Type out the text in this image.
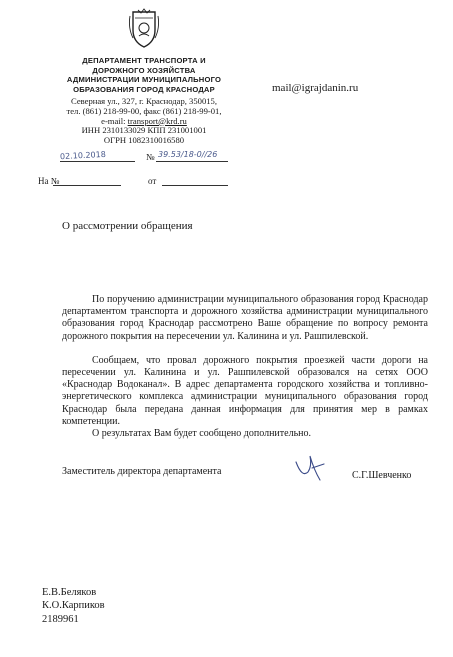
ДЕПАРТАМЕНТ ТРАНСПОРТА И
ДОРОЖНОГО ХОЗЯЙСТВА
АДМИНИСТРАЦИИ МУНИЦИПАЛЬНОГО
ОБРАЗОВАНИЯ ГОРОД КРАСНОДАР
Северная ул., 327, г. Краснодар, 350015,
тел. (861) 218-99-00, факс (861) 218-99-01,
e-mail: transport@krd.ru
ИНН 2310133029 КПП 231001001
ОГРН 1082310016580
02.10.2018	№ 39.53/18-0//26
На №	от
mail@igrajdanin.ru
О рассмотрении обращения

По поручению администрации муниципального образования город Краснодар департаментом транспорта и дорожного хозяйства администрации муниципального образования город Краснодар рассмотрено Ваше обращение по вопросу ремонта дорожного покрытия на пересечении ул. Калинина и ул. Рашпилевской.

Сообщаем, что провал дорожного покрытия проезжей части дороги на пересечении ул. Калинина и ул. Рашпилевской образовался на сетях ООО «Краснодар Водоканал». В адрес департамента городского хозяйства и топливно-энергетического комплекса администрации муниципального образования город Краснодар была передана данная информация для принятия мер в рамках компетенции.

О результатах Вам будет сообщено дополнительно.

Заместитель директора департамента	С.Г.Шевченко
Е.В.Беляков
К.О.Карпиков
2189961
